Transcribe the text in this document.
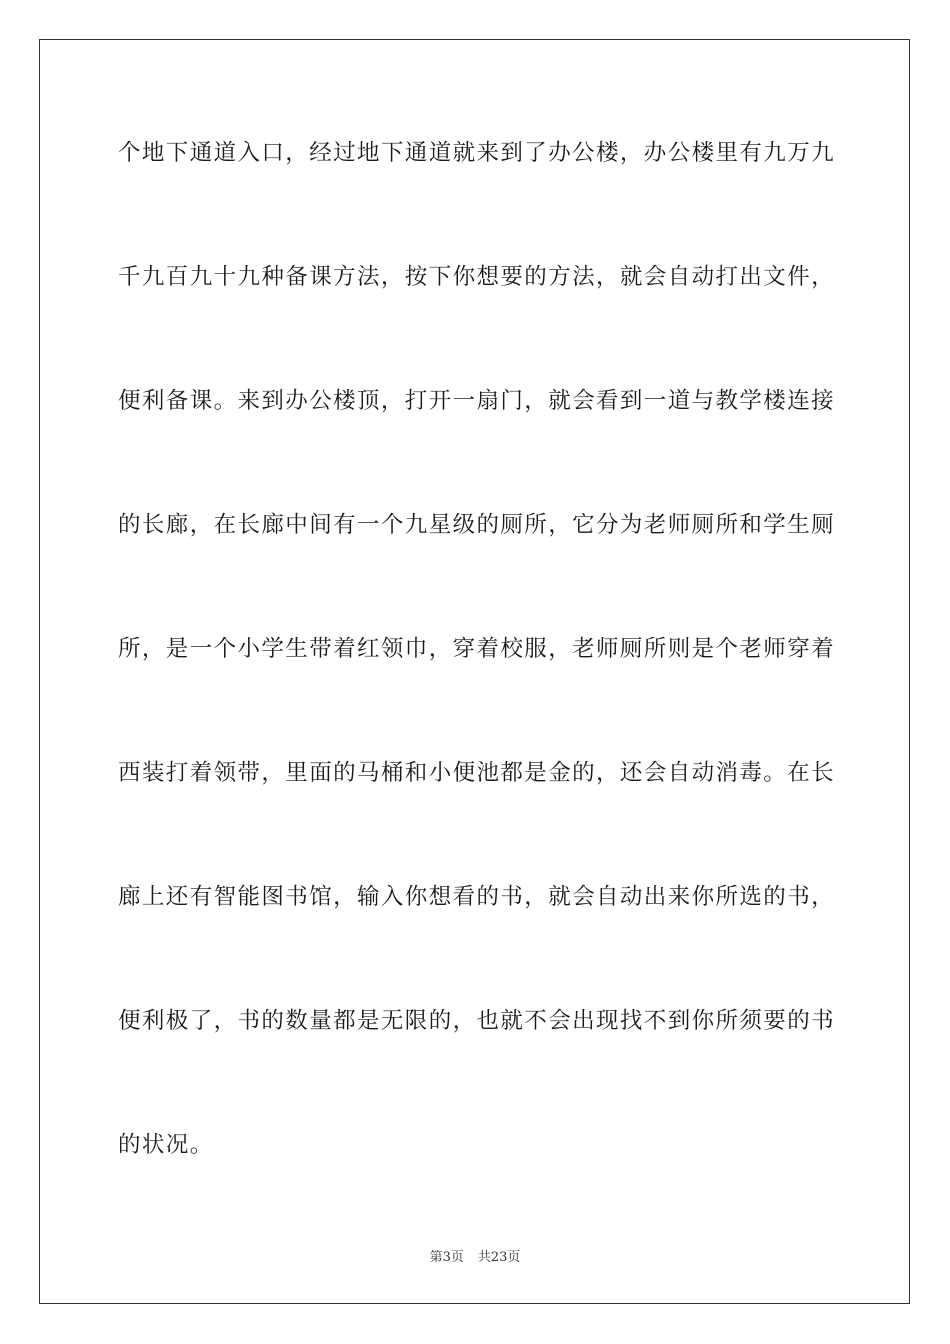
个地下通道入口，经过地下通道就来到了办公楼，办公楼里有九万九
千九百九十九种备课方法，按下你想要的方法，就会自动打出文件，
便利备课。来到办公楼顶，打开一扇门，就会看到一道与教学楼连接
的长廊，在长廊中间有一个九星级的厕所，它分为老师厕所和学生厕
所，是一个小学生带着红领巾，穿着校服，老师厕所则是个老师穿着
西装打着领带，里面的马桶和小便池都是金的，还会自动消毒。在长
廊上还有智能图书馆，输入你想看的书，就会自动出来你所选的书，
便利极了，书的数量都是无限的，也就不会出现找不到你所须要的书
的状况。
第3页 共23页
